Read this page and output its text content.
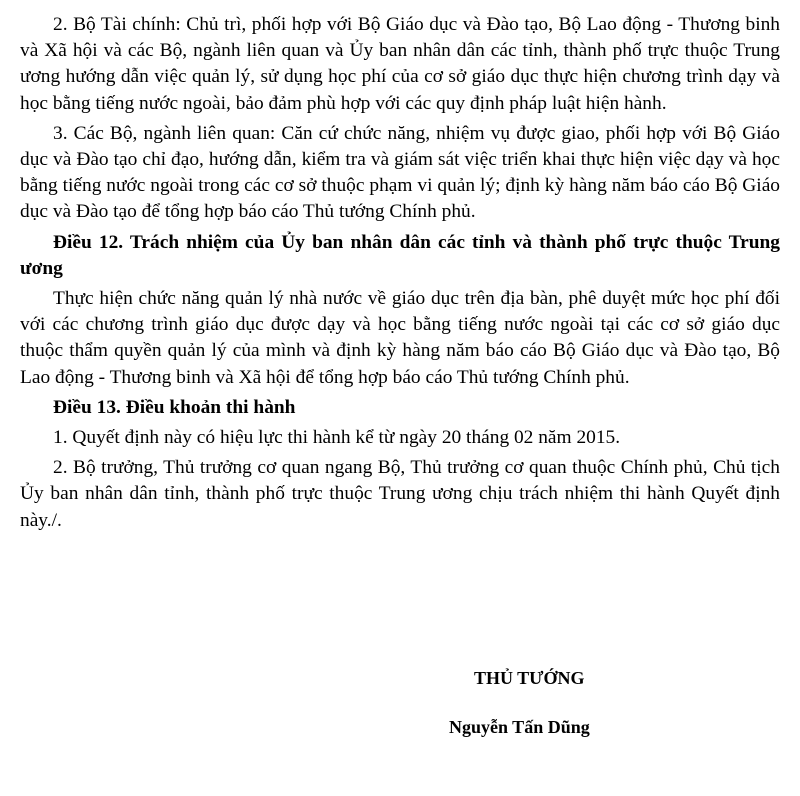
2. Bộ Tài chính: Chủ trì, phối hợp với Bộ Giáo dục và Đào tạo, Bộ Lao động - Thương binh và Xã hội và các Bộ, ngành liên quan và Ủy ban nhân dân các tỉnh, thành phố trực thuộc Trung ương hướng dẫn việc quản lý, sử dụng học phí của cơ sở giáo dục thực hiện chương trình dạy và học bằng tiếng nước ngoài, bảo đảm phù hợp với các quy định pháp luật hiện hành.

3. Các Bộ, ngành liên quan: Căn cứ chức năng, nhiệm vụ được giao, phối hợp với Bộ Giáo dục và Đào tạo chỉ đạo, hướng dẫn, kiểm tra và giám sát việc triển khai thực hiện việc dạy và học bằng tiếng nước ngoài trong các cơ sở thuộc phạm vi quản lý; định kỳ hàng năm báo cáo Bộ Giáo dục và Đào tạo để tổng hợp báo cáo Thủ tướng Chính phủ.

Điều 12. Trách nhiệm của Ủy ban nhân dân các tỉnh và thành phố trực thuộc Trung ương

Thực hiện chức năng quản lý nhà nước về giáo dục trên địa bàn, phê duyệt mức học phí đối với các chương trình giáo dục được dạy và học bằng tiếng nước ngoài tại các cơ sở giáo dục thuộc thẩm quyền quản lý của mình và định kỳ hàng năm báo cáo Bộ Giáo dục và Đào tạo, Bộ Lao động - Thương binh và Xã hội để tổng hợp báo cáo Thủ tướng Chính phủ.

Điều 13. Điều khoản thi hành

1. Quyết định này có hiệu lực thi hành kể từ ngày 20 tháng 02 năm 2015.

2. Bộ trưởng, Thủ trưởng cơ quan ngang Bộ, Thủ trưởng cơ quan thuộc Chính phủ, Chủ tịch Ủy ban nhân dân tỉnh, thành phố trực thuộc Trung ương chịu trách nhiệm thi hành Quyết định này./.

THỦ TƯỚNG
Nguyễn Tấn Dũng
